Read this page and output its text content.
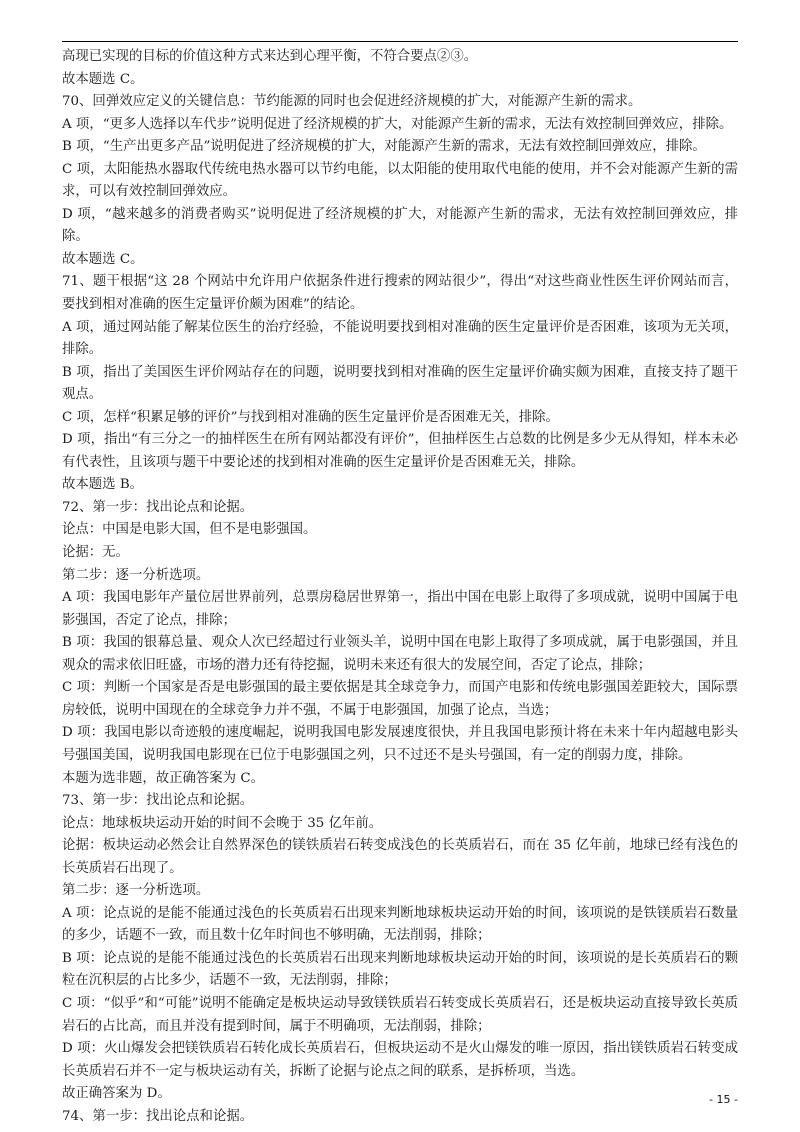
高现已实现的目标的价值这种方式来达到心理平衡，不符合要点②③。

故本题选 C。

70、回弹效应定义的关键信息：节约能源的同时也会促进经济规模的扩大，对能源产生新的需求。

A 项，“更多人选择以车代步”说明促进了经济规模的扩大，对能源产生新的需求，无法有效控制回弹效应，排除。

B 项，“生产出更多产品”说明促进了经济规模的扩大，对能源产生新的需求，无法有效控制回弹效应，排除。

C 项，太阳能热水器取代传统电热水器可以节约电能，以太阳能的使用取代电能的使用，并不会对能源产生新的需求，可以有效控制回弹效应。

D 项，“越来越多的消费者购买”说明促进了经济规模的扩大，对能源产生新的需求，无法有效控制回弹效应，排除。

故本题选 C。

71、题干根据“这 28 个网站中允许用户依据条件进行搜索的网站很少”，得出“对这些商业性医生评价网站而言，要找到相对准确的医生定量评价颇为困难”的结论。

A 项，通过网站能了解某位医生的治疗经验，不能说明要找到相对准确的医生定量评价是否困难，该项为无关项，排除。

B 项，指出了美国医生评价网站存在的问题，说明要找到相对准确的医生定量评价确实颇为困难，直接支持了题干观点。

C 项，怎样“积累足够的评价”与找到相对准确的医生定量评价是否困难无关，排除。

D 项，指出“有三分之一的抽样医生在所有网站都没有评价”，但抽样医生占总数的比例是多少无从得知，样本未必有代表性，且该项与题干中要论述的找到相对准确的医生定量评价是否困难无关，排除。

故本题选 B。

72、第一步：找出论点和论据。

论点：中国是电影大国，但不是电影强国。

论据：无。

第二步：逐一分析选项。

A 项：我国电影年产量位居世界前列，总票房稳居世界第一，指出中国在电影上取得了多项成就，说明中国属于电影强国，否定了论点，排除；

B 项：我国的银幕总量、观众人次已经超过行业领头羊，说明中国在电影上取得了多项成就，属于电影强国，并且观众的需求依旧旺盛，市场的潜力还有待挖掘，说明未来还有很大的发展空间，否定了论点，排除；

C 项：判断一个国家是否是电影强国的最主要依据是其全球竞争力，而国产电影和传统电影强国差距较大，国际票房较低，说明中国现在的全球竞争力并不强，不属于电影强国，加强了论点，当选；

D 项：我国电影以奇迹般的速度崛起，说明我国电影发展速度很快，并且我国电影预计将在未来十年内超越电影头号强国美国，说明我国电影现在已位于电影强国之列，只不过还不是头号强国，有一定的削弱力度，排除。

本题为选非题，故正确答案为 C。

73、第一步：找出论点和论据。

论点：地球板块运动开始的时间不会晚于 35 亿年前。

论据：板块运动必然会让自然界深色的镁铁质岩石转变成浅色的长英质岩石，而在 35 亿年前，地球已经有浅色的长英质岩石出现了。

第二步：逐一分析选项。

A 项：论点说的是能不能通过浅色的长英质岩石出现来判断地球板块运动开始的时间，该项说的是铁镁质岩石数量的多少，话题不一致，而且数十亿年时间也不够明确，无法削弱，排除；

B 项：论点说的是能不能通过浅色的长英质岩石出现来判断地球板块运动开始的时间，该项说的是长英质岩石的颗粒在沉积层的占比多少，话题不一致，无法削弱，排除；

C 项：“似乎”和“可能”说明不能确定是板块运动导致镁铁质岩石转变成长英质岩石，还是板块运动直接导致长英质岩石的占比高，而且并没有提到时间，属于不明确项，无法削弱，排除；

D 项：火山爆发会把镁铁质岩石转化成长英质岩石，但板块运动不是火山爆发的唯一原因，指出镁铁质岩石转变成长英质岩石并不一定与板块运动有关，拆断了论据与论点之间的联系，是拆桥项，当选。

故正确答案为 D。

74、第一步：找出论点和论据。

- 15 -
